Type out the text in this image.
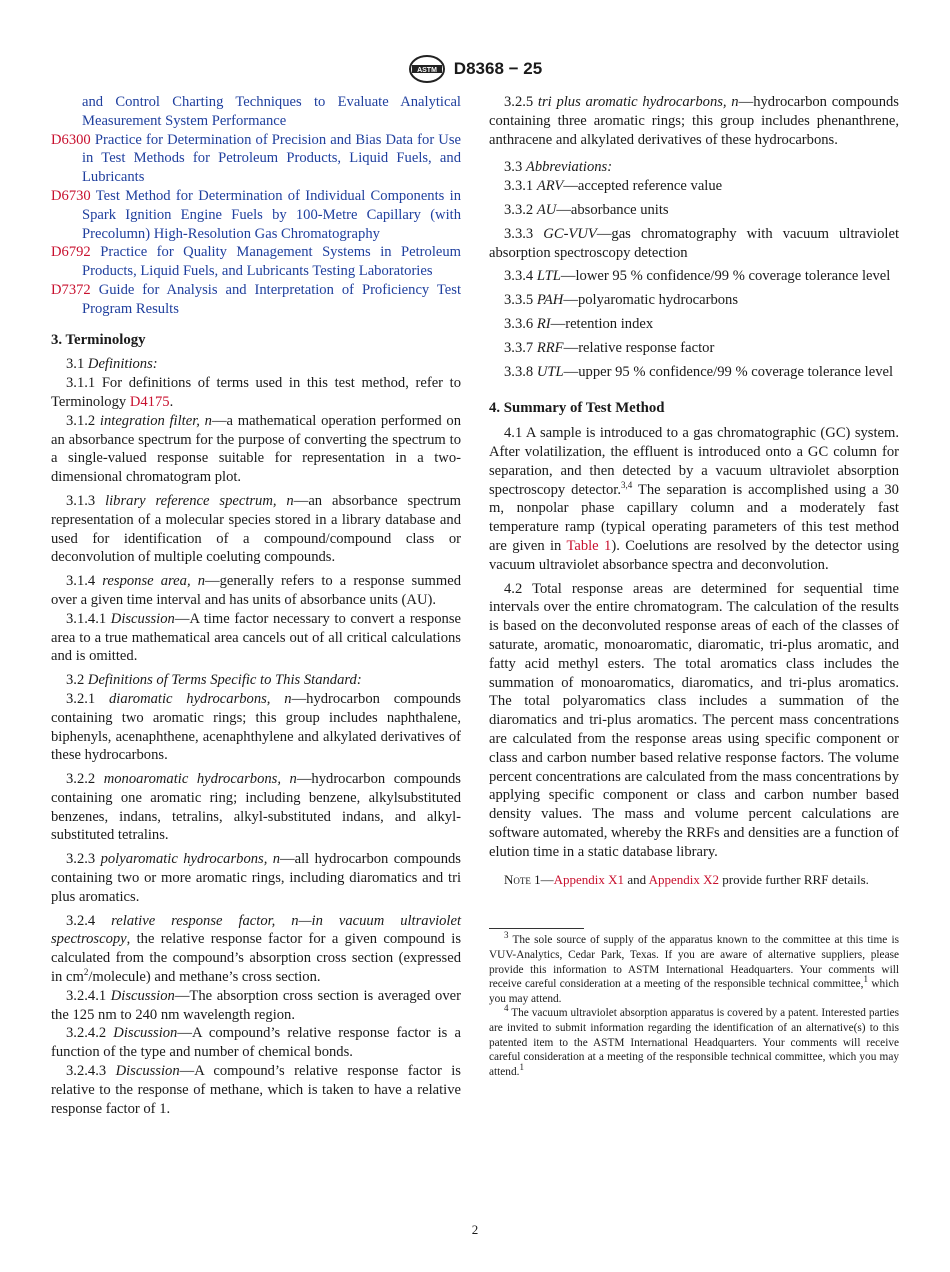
ASTM D8368 − 25

and Control Charting Techniques to Evaluate Analytical Measurement System Performance

D6300 Practice for Determination of Precision and Bias Data for Use in Test Methods for Petroleum Products, Liquid Fuels, and Lubricants

D6730 Test Method for Determination of Individual Components in Spark Ignition Engine Fuels by 100-Metre Capillary (with Precolumn) High-Resolution Gas Chromatography

D6792 Practice for Quality Management Systems in Petroleum Products, Liquid Fuels, and Lubricants Testing Laboratories

D7372 Guide for Analysis and Interpretation of Proficiency Test Program Results

3. Terminology

3.1 Definitions:

3.1.1 For definitions of terms used in this test method, refer to Terminology D4175.

3.1.2 integration filter, n—a mathematical operation performed on an absorbance spectrum for the purpose of converting the spectrum to a single-valued response suitable for representation in a two-dimensional chromatogram plot.

3.1.3 library reference spectrum, n—an absorbance spectrum representation of a molecular species stored in a library database and used for identification of a compound/compound class or deconvolution of multiple coeluting compounds.

3.1.4 response area, n—generally refers to a response summed over a given time interval and has units of absorbance units (AU).

3.1.4.1 Discussion—A time factor necessary to convert a response area to a true mathematical area cancels out of all critical calculations and is omitted.

3.2 Definitions of Terms Specific to This Standard:

3.2.1 diaromatic hydrocarbons, n—hydrocarbon compounds containing two aromatic rings; this group includes naphthalene, biphenyls, acenaphthene, acenaphthylene and alkylated derivatives of these hydrocarbons.

3.2.2 monoaromatic hydrocarbons, n—hydrocarbon compounds containing one aromatic ring; including benzene, alkylsubstituted benzenes, indans, tetralins, alkyl-substituted indans, and alkyl-substituted tetralins.

3.2.3 polyaromatic hydrocarbons, n—all hydrocarbon compounds containing two or more aromatic rings, including diaromatics and tri plus aromatics.

3.2.4 relative response factor, n—in vacuum ultraviolet spectroscopy, the relative response factor for a given compound is calculated from the compound’s absorption cross section (expressed in $cm^2/molecule$) and methane’s cross section.

3.2.4.1 Discussion—The absorption cross section is averaged over the 125 nm to 240 nm wavelength region.

3.2.4.2 Discussion—A compound’s relative response factor is a function of the type and number of chemical bonds.

3.2.4.3 Discussion—A compound’s relative response factor is relative to the response of methane, which is taken to have a relative response factor of 1.

3.2.5 tri plus aromatic hydrocarbons, n—hydrocarbon compounds containing three aromatic rings; this group includes phenanthrene, anthracene and alkylated derivatives of these hydrocarbons.

3.3 Abbreviations:

3.3.1 ARV—accepted reference value

3.3.2 AU—absorbance units

3.3.3 GC-VUV—gas chromatography with vacuum ultraviolet absorption spectroscopy detection

3.3.4 LTL—lower 95 % confidence/99 % coverage tolerance level

3.3.5 PAH—polyaromatic hydrocarbons

3.3.6 RI—retention index

3.3.7 RRF—relative response factor

3.3.8 UTL—upper 95 % confidence/99 % coverage tolerance level

4. Summary of Test Method

4.1 A sample is introduced to a gas chromatographic (GC) system. After volatilization, the effluent is introduced onto a GC column for separation, and then detected by a vacuum ultraviolet absorption spectroscopy detector.$^{3,4}$ The separation is accomplished using a 30 m, nonpolar phase capillary column and a moderately fast temperature ramp (typical operating parameters of this test method are given in Table 1). Coelutions are resolved by the detector using vacuum ultraviolet absorbance spectra and deconvolution.

4.2 Total response areas are determined for sequential time intervals over the entire chromatogram. The calculation of the results is based on the deconvoluted response areas of each of the classes of saturate, aromatic, monoaromatic, diaromatic, tri-plus aromatic, and fatty acid methyl esters. The total aromatics class includes the summation of monoaromatics, diaromatics, and tri-plus aromatics. The total polyaromatics class includes a summation of the diaromatics and tri-plus aromatics. The percent mass concentrations are calculated from the response areas using specific component or class and carbon number based relative response factors. The volume percent concentrations are calculated from the mass concentrations by applying specific component or class and carbon number based density values. The mass and volume percent calculations are software automated, whereby the RRFs and densities are a function of elution time in a static database library.

Note 1—Appendix X1 and Appendix X2 provide further RRF details.

$^3$ The sole source of supply of the apparatus known to the committee at this time is VUV-Analytics, Cedar Park, Texas. If you are aware of alternative suppliers, please provide this information to ASTM International Headquarters. Your comments will receive careful consideration at a meeting of the responsible technical committee,$^1$ which you may attend.

$^4$ The vacuum ultraviolet absorption apparatus is covered by a patent. Interested parties are invited to submit information regarding the identification of an alternative(s) to this patented item to the ASTM International Headquarters. Your comments will receive careful consideration at a meeting of the responsible technical committee, which you may attend.$^1$

2
